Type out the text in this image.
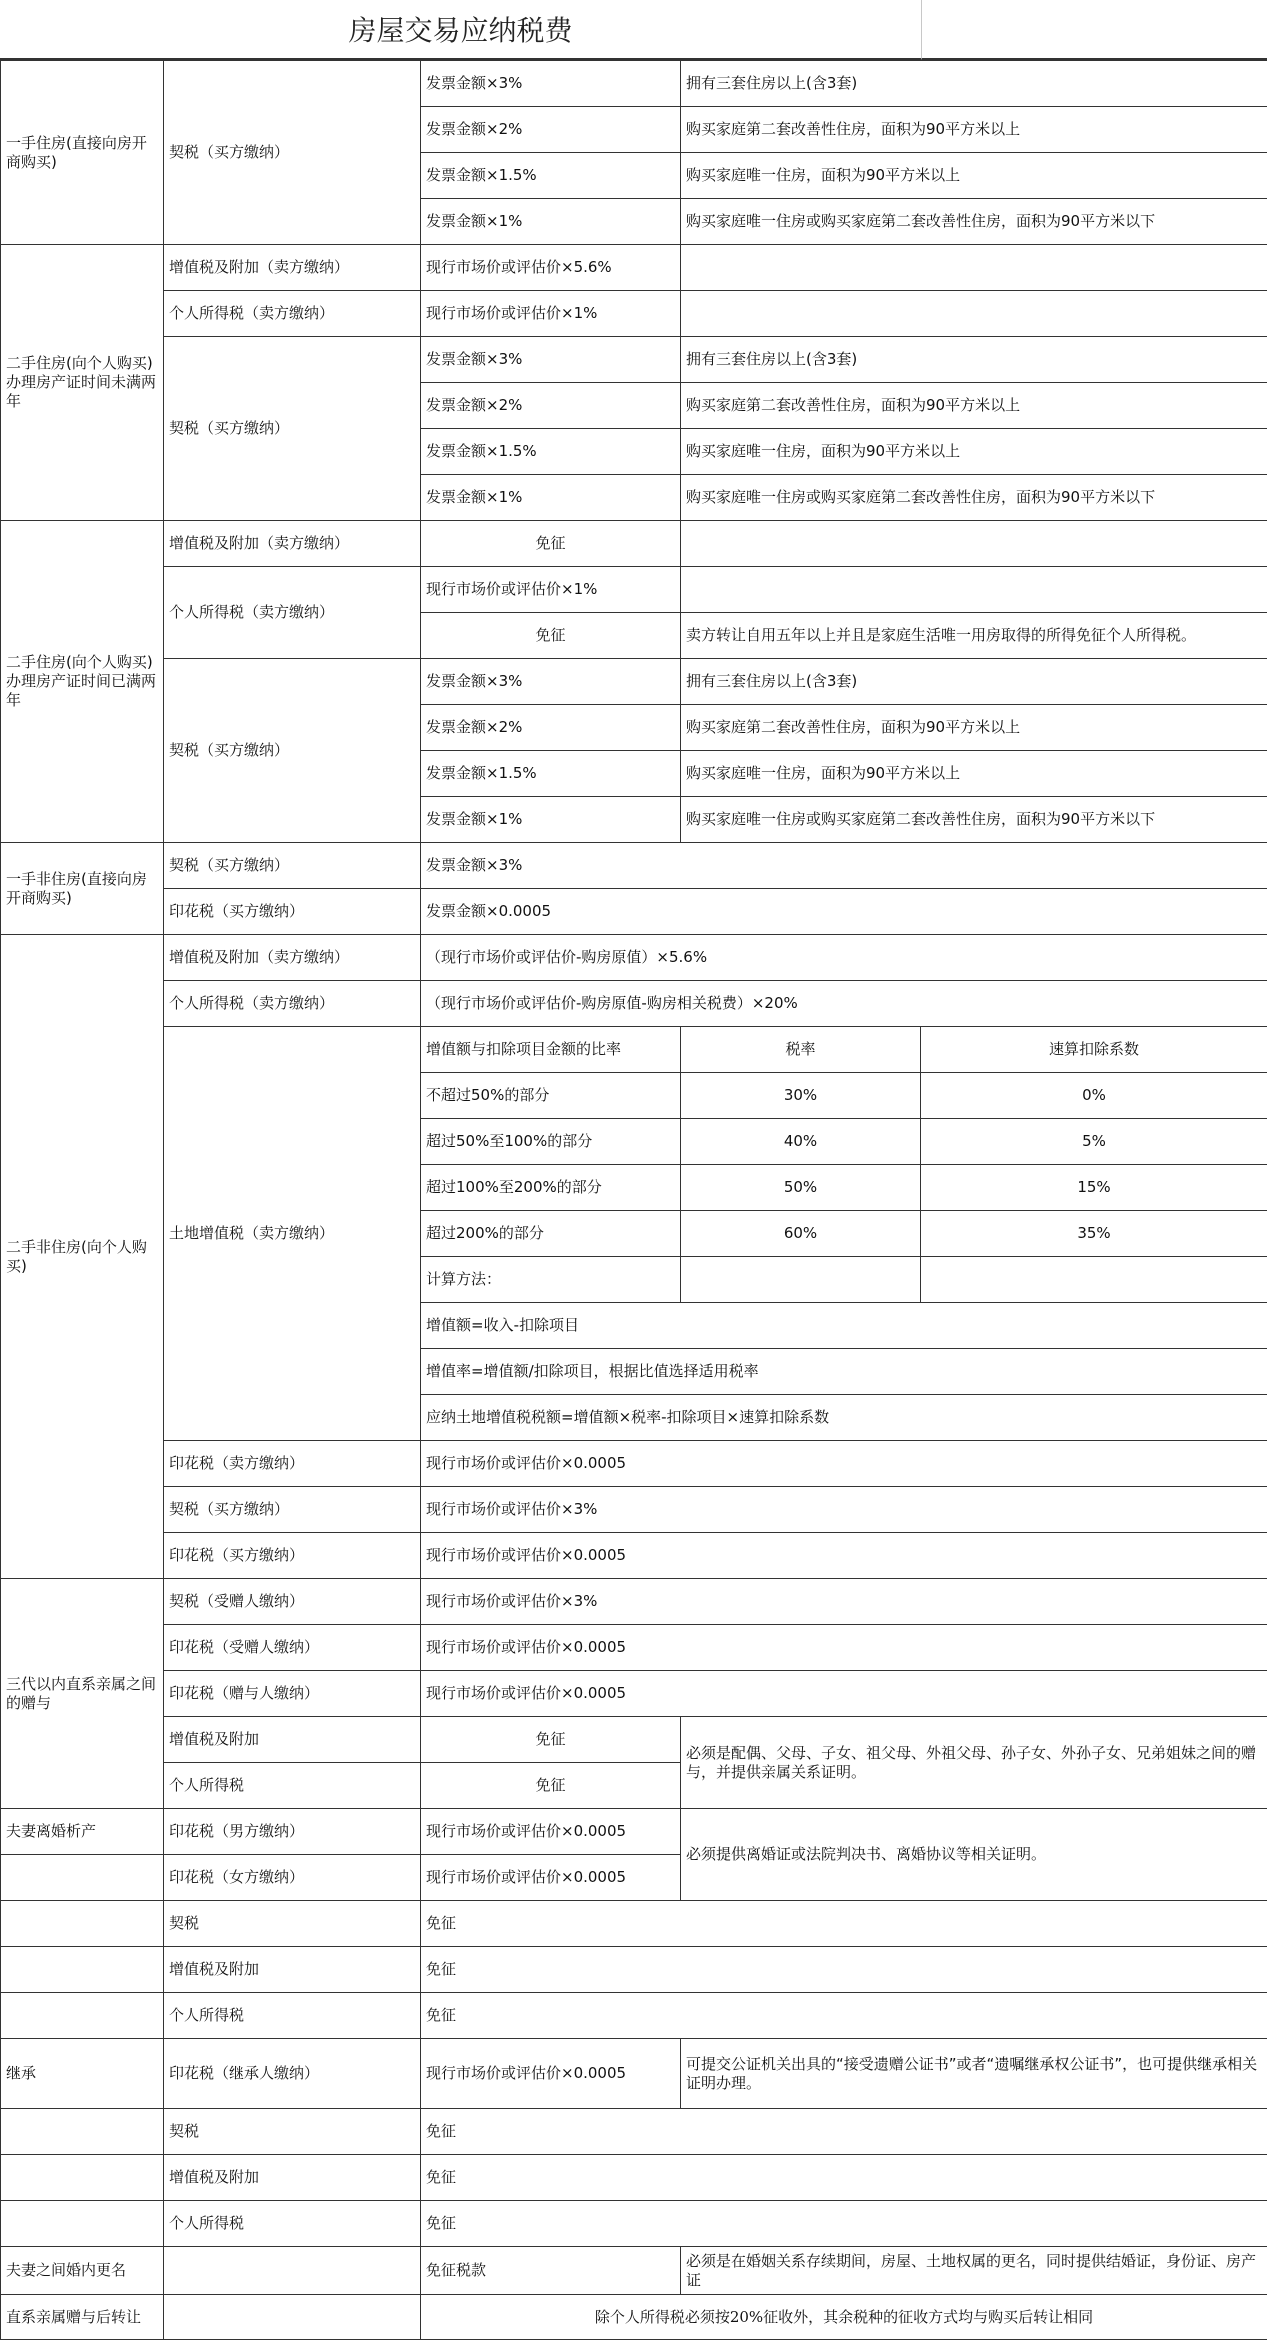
房屋交易应纳税费
一手住房(直接向房开商购买)	契税（买方缴纳）	发票金额×3%	拥有三套住房以上(含3套)	
		发票金额×2%	购买家庭第二套改善性住房，面积为90平方米以上	
		发票金额×1.5%	购买家庭唯一住房，面积为90平方米以上	
		发票金额×1%	购买家庭唯一住房或购买家庭第二套改善性住房，面积为90平方米以下	
二手住房(向个人购买)办理房产证时间未满两年	增值税及附加（卖方缴纳）	现行市场价或评估价×5.6%		
	个人所得税（卖方缴纳）	现行市场价或评估价×1%		
	契税（买方缴纳）	发票金额×3%	拥有三套住房以上(含3套)	
		发票金额×2%	购买家庭第二套改善性住房，面积为90平方米以上	
		发票金额×1.5%	购买家庭唯一住房，面积为90平方米以上	
		发票金额×1%	购买家庭唯一住房或购买家庭第二套改善性住房，面积为90平方米以下	
二手住房(向个人购买)办理房产证时间已满两年	增值税及附加（卖方缴纳）	免征		
	个人所得税（卖方缴纳）	现行市场价或评估价×1%		
		免征	卖方转让自用五年以上并且是家庭生活唯一用房取得的所得免征个人所得税。	
	契税（买方缴纳）	发票金额×3%	拥有三套住房以上(含3套)	
		发票金额×2%	购买家庭第二套改善性住房，面积为90平方米以上	
		发票金额×1.5%	购买家庭唯一住房，面积为90平方米以上	
		发票金额×1%	购买家庭唯一住房或购买家庭第二套改善性住房，面积为90平方米以下	
一手非住房(直接向房开商购买)	契税（买方缴纳）	发票金额×3%		
	印花税（买方缴纳）	发票金额×0.0005		
二手非住房(向个人购买)	增值税及附加（卖方缴纳）	（现行市场价或评估价-购房原值）×5.6%		
	个人所得税（卖方缴纳）	（现行市场价或评估价-购房原值-购房相关税费）×20%		
	土地增值税（卖方缴纳）	增值额与扣除项目金额的比率	税率	速算扣除系数
		不超过50%的部分	30%	0%
		超过50%至100%的部分	40%	5%
		超过100%至200%的部分	50%	15%
		超过200%的部分	60%	35%
		计算方法：		
		增值额=收入-扣除项目		
		增值率=增值额/扣除项目，根据比值选择适用税率		
		应纳土地增值税税额=增值额×税率-扣除项目×速算扣除系数		
	印花税（卖方缴纳）	现行市场价或评估价×0.0005		
	契税（买方缴纳）	现行市场价或评估价×3%		
	印花税（买方缴纳）	现行市场价或评估价×0.0005		
三代以内直系亲属之间的赠与	契税（受赠人缴纳）	现行市场价或评估价×3%		
	印花税（受赠人缴纳）	现行市场价或评估价×0.0005		
	印花税（赠与人缴纳）	现行市场价或评估价×0.0005		
	增值税及附加	免征	必须是配偶、父母、子女、祖父母、外祖父母、孙子女、外孙子女、兄弟姐妹之间的赠与，并提供亲属关系证明。	
	个人所得税	免征		
夫妻离婚析产	印花税（男方缴纳）	现行市场价或评估价×0.0005	必须提供离婚证或法院判决书、离婚协议等相关证明。	
	印花税（女方缴纳）	现行市场价或评估价×0.0005		
	契税	免征		
	增值税及附加	免征		
	个人所得税	免征		
继承	印花税（继承人缴纳）	现行市场价或评估价×0.0005	可提交公证机关出具的“接受遗赠公证书”或者“遗嘱继承权公证书”，也可提供继承相关证明办理。	
	契税	免征		
	增值税及附加	免征		
	个人所得税	免征		
夫妻之间婚内更名		免征税款	必须是在婚姻关系存续期间，房屋、土地权属的更名，同时提供结婚证，身份证、房产证	
直系亲属赠与后转让		除个人所得税必须按20%征收外，其余税种的征收方式均与购买后转让相同		
